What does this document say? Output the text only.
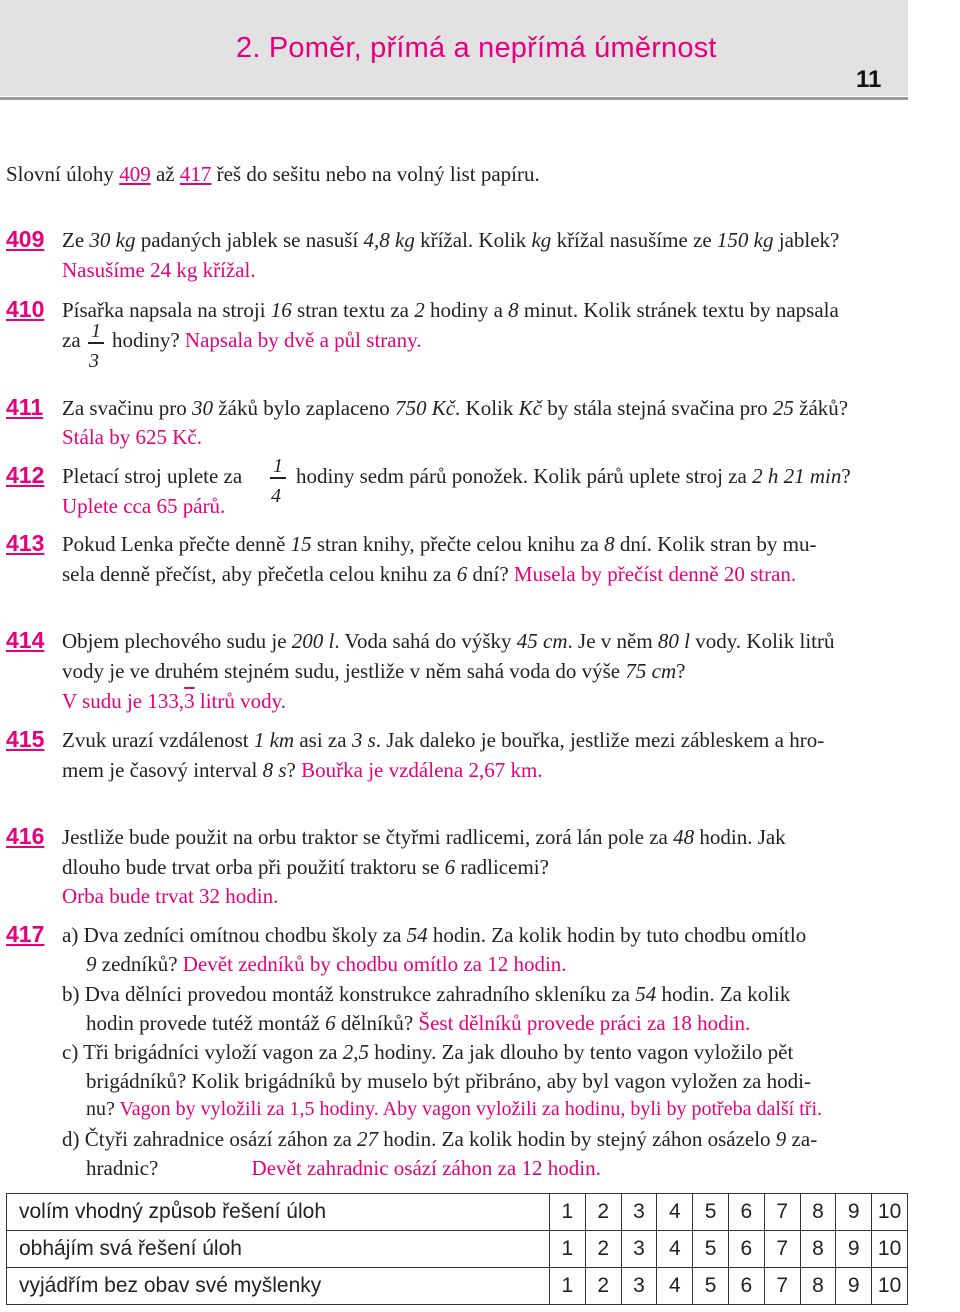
2. Poměr, přímá a nepřímá úměrnost
11
Slovní úlohy 409 až 417 řeš do sešitu nebo na volný list papíru.
409 Ze 30 kg padaných jablek se nasuší 4,8 kg křížal. Kolik kg křížal nasušíme ze 150 kg jablek?
Nasušíme 24 kg křížal.
410 Písařka napsala na stroji 16 stran textu za 2 hodiny a 8 minut. Kolik stránek textu by napsala
za 1
3
hodiny? Napsala by dvě a půl strany.
411 Za svačinu pro 30 žáků bylo zaplaceno 750 Kč. Kolik Kč by stála stejná svačina pro 25 žáků?
Stála by 625 Kč.
412 Pletací stroj uplete za 1
4
hodiny sedm párů ponožek. Kolik párů uplete stroj za 2 h 21 min?
Uplete cca 65 párů.
413 Pokud Lenka přečte denně 15 stran knihy, přečte celou knihu za 8 dní. Kolik stran by mu-
sela denně přečíst, aby přečetla celou knihu za 6 dní? Musela by přečíst denně 20 stran.
414 Objem plechového sudu je 200 l. Voda sahá do výšky 45 cm. Je v něm 80 l vody. Kolik litrů
vody je ve druhém stejném sudu, jestliže v něm sahá voda do výše 75 cm?
V sudu je 133,3 litrů vody.
415 Zvuk urazí vzdálenost 1 km asi za 3 s. Jak daleko je bouřka, jestliže mezi zábleskem a hro-
mem je časový interval 8 s? Bouřka je vzdálena 2,67 km.
416 Jestliže bude použit na orbu traktor se čtyřmi radlicemi, zorá lán pole za 48 hodin. Jak
dlouho bude trvat orba při použití traktoru se 6 radlicemi?
Orba bude trvat 32 hodin.
417 a) Dva zedníci omítnou chodbu školy za 54 hodin. Za kolik hodin by tuto chodbu omítlo
9 zedníků? Devět zedníků by chodbu omítlo za 12 hodin.
b) Dva dělníci provedou montáž konstrukce zahradního skleníku za 54 hodin. Za kolik
hodin provede tutéž montáž 6 dělníků? Šest dělníků provede práci za 18 hodin.
c) Tři brigádníci vyloží vagon za 2,5 hodiny. Za jak dlouho by tento vagon vyložilo pět
brigádníků? Kolik brigádníků by muselo být přibráno, aby byl vagon vyložen za hodi-
nu? Vagon by vyložili za 1,5 hodiny. Aby vagon vyložili za hodinu, byli by potřeba další tři.
d) Čtyři zahradnice osází záhon za 27 hodin. Za kolik hodin by stejný záhon osázelo 9 za-
hradnic?	Devět zahradnic osází záhon za 12 hodin.
volím vhodný způsob řešení úloh	1	2	3	4	5	6	7	8	9	10
obhájím svá řešení úloh	1	2	3	4	5	6	7	8	9	10
vyjádřím bez obav své myšlenky	1	2	3	4	5	6	7	8	9	10
